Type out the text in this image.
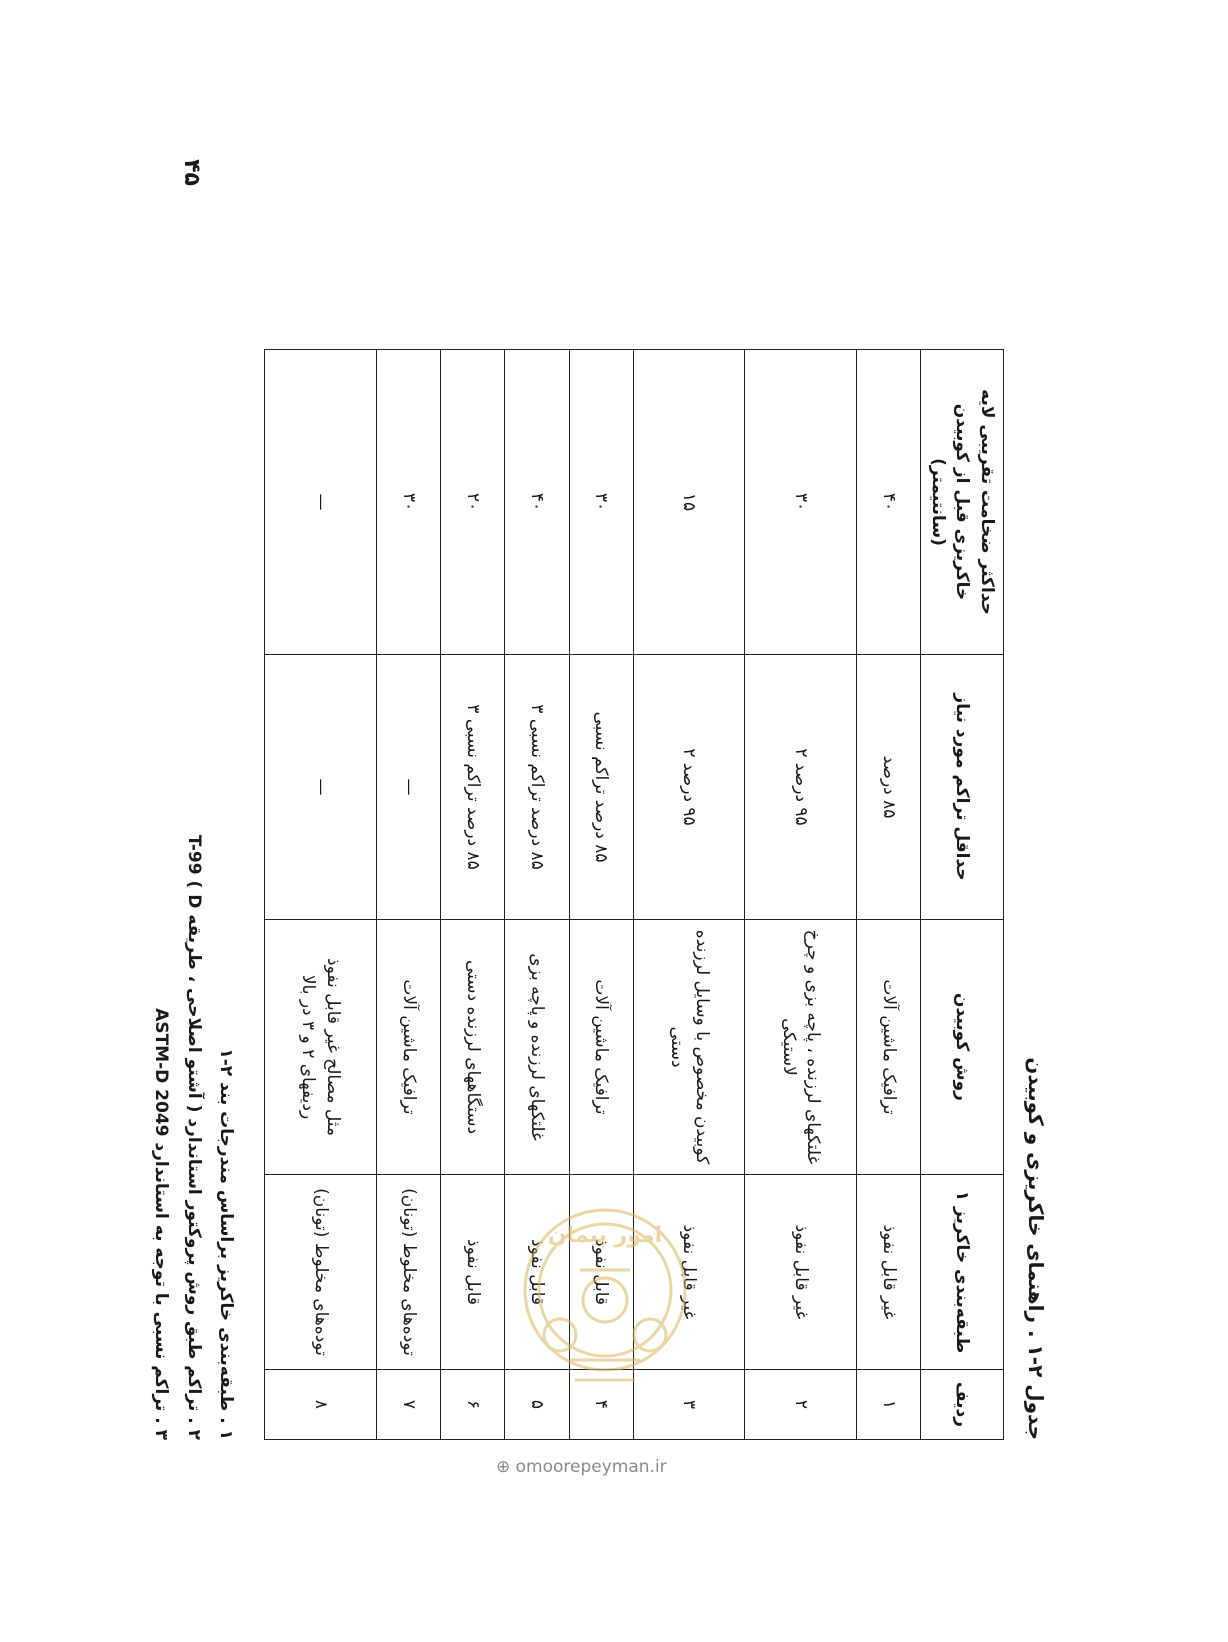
۴۵
جدول ۲-۱ . راهنمای خاکریزی و کوبیدن
ردیف	طبقه‌بندی خاکریز ۱	روش کوبیدن	حداقل تراکم مورد نیاز	حداکثر ضخامت تقریبی لایه خاکریزی قبل از کوبیدن (سانتیمتر)
۱	غیر قابل نفوذ	ترافیک ماشین آلات	۸۵ درصد	۴۰
۲	غیر قابل نفوذ	غلتکهای لرزنده ، پاچه بزی و چرخ لاستیکی	۹۵ درصد ۲	۳۰
۳	غیر قابل نفوذ	کوبیدن مخصوص با وسایل لرزنده دستی	۹۵ درصد ۲	۱۵
۴	قابل نفوذ	ترافیک ماشین آلات	۸۵ درصد تراکم نسبی	۳۰
۵	قابل نفوذ	غلتکهای لرزنده و پاچه بزی	۸۵ درصد تراکم نسبی ۳	۴۰
۶	قابل نفوذ	دستگاههای لرزنده دستی	۸۵ درصد تراکم نسبی ۳	۲۰
۷	توده‌های مخلوط (تونان)	ترافیک ماشین آلات	—	۳۰
۸	توده‌های مخلوط (تونان)	مثل مصالح غیر قابل نفوذ ردیفهای ۲ و ۳ در بالا	—	—
۱ . طبقه‌بندی خاکریز براساس مندرجات بند ۲-۱
۲ . تراکم طبق روش پروکتور استاندارد ( آشتو اصلاحی ، طریقه D ) T-99
۳ . تراکم نسبی با توجه به استاندارد ASTM-D 2049
امور پیمان
⊕ omoorepeyman.ir
